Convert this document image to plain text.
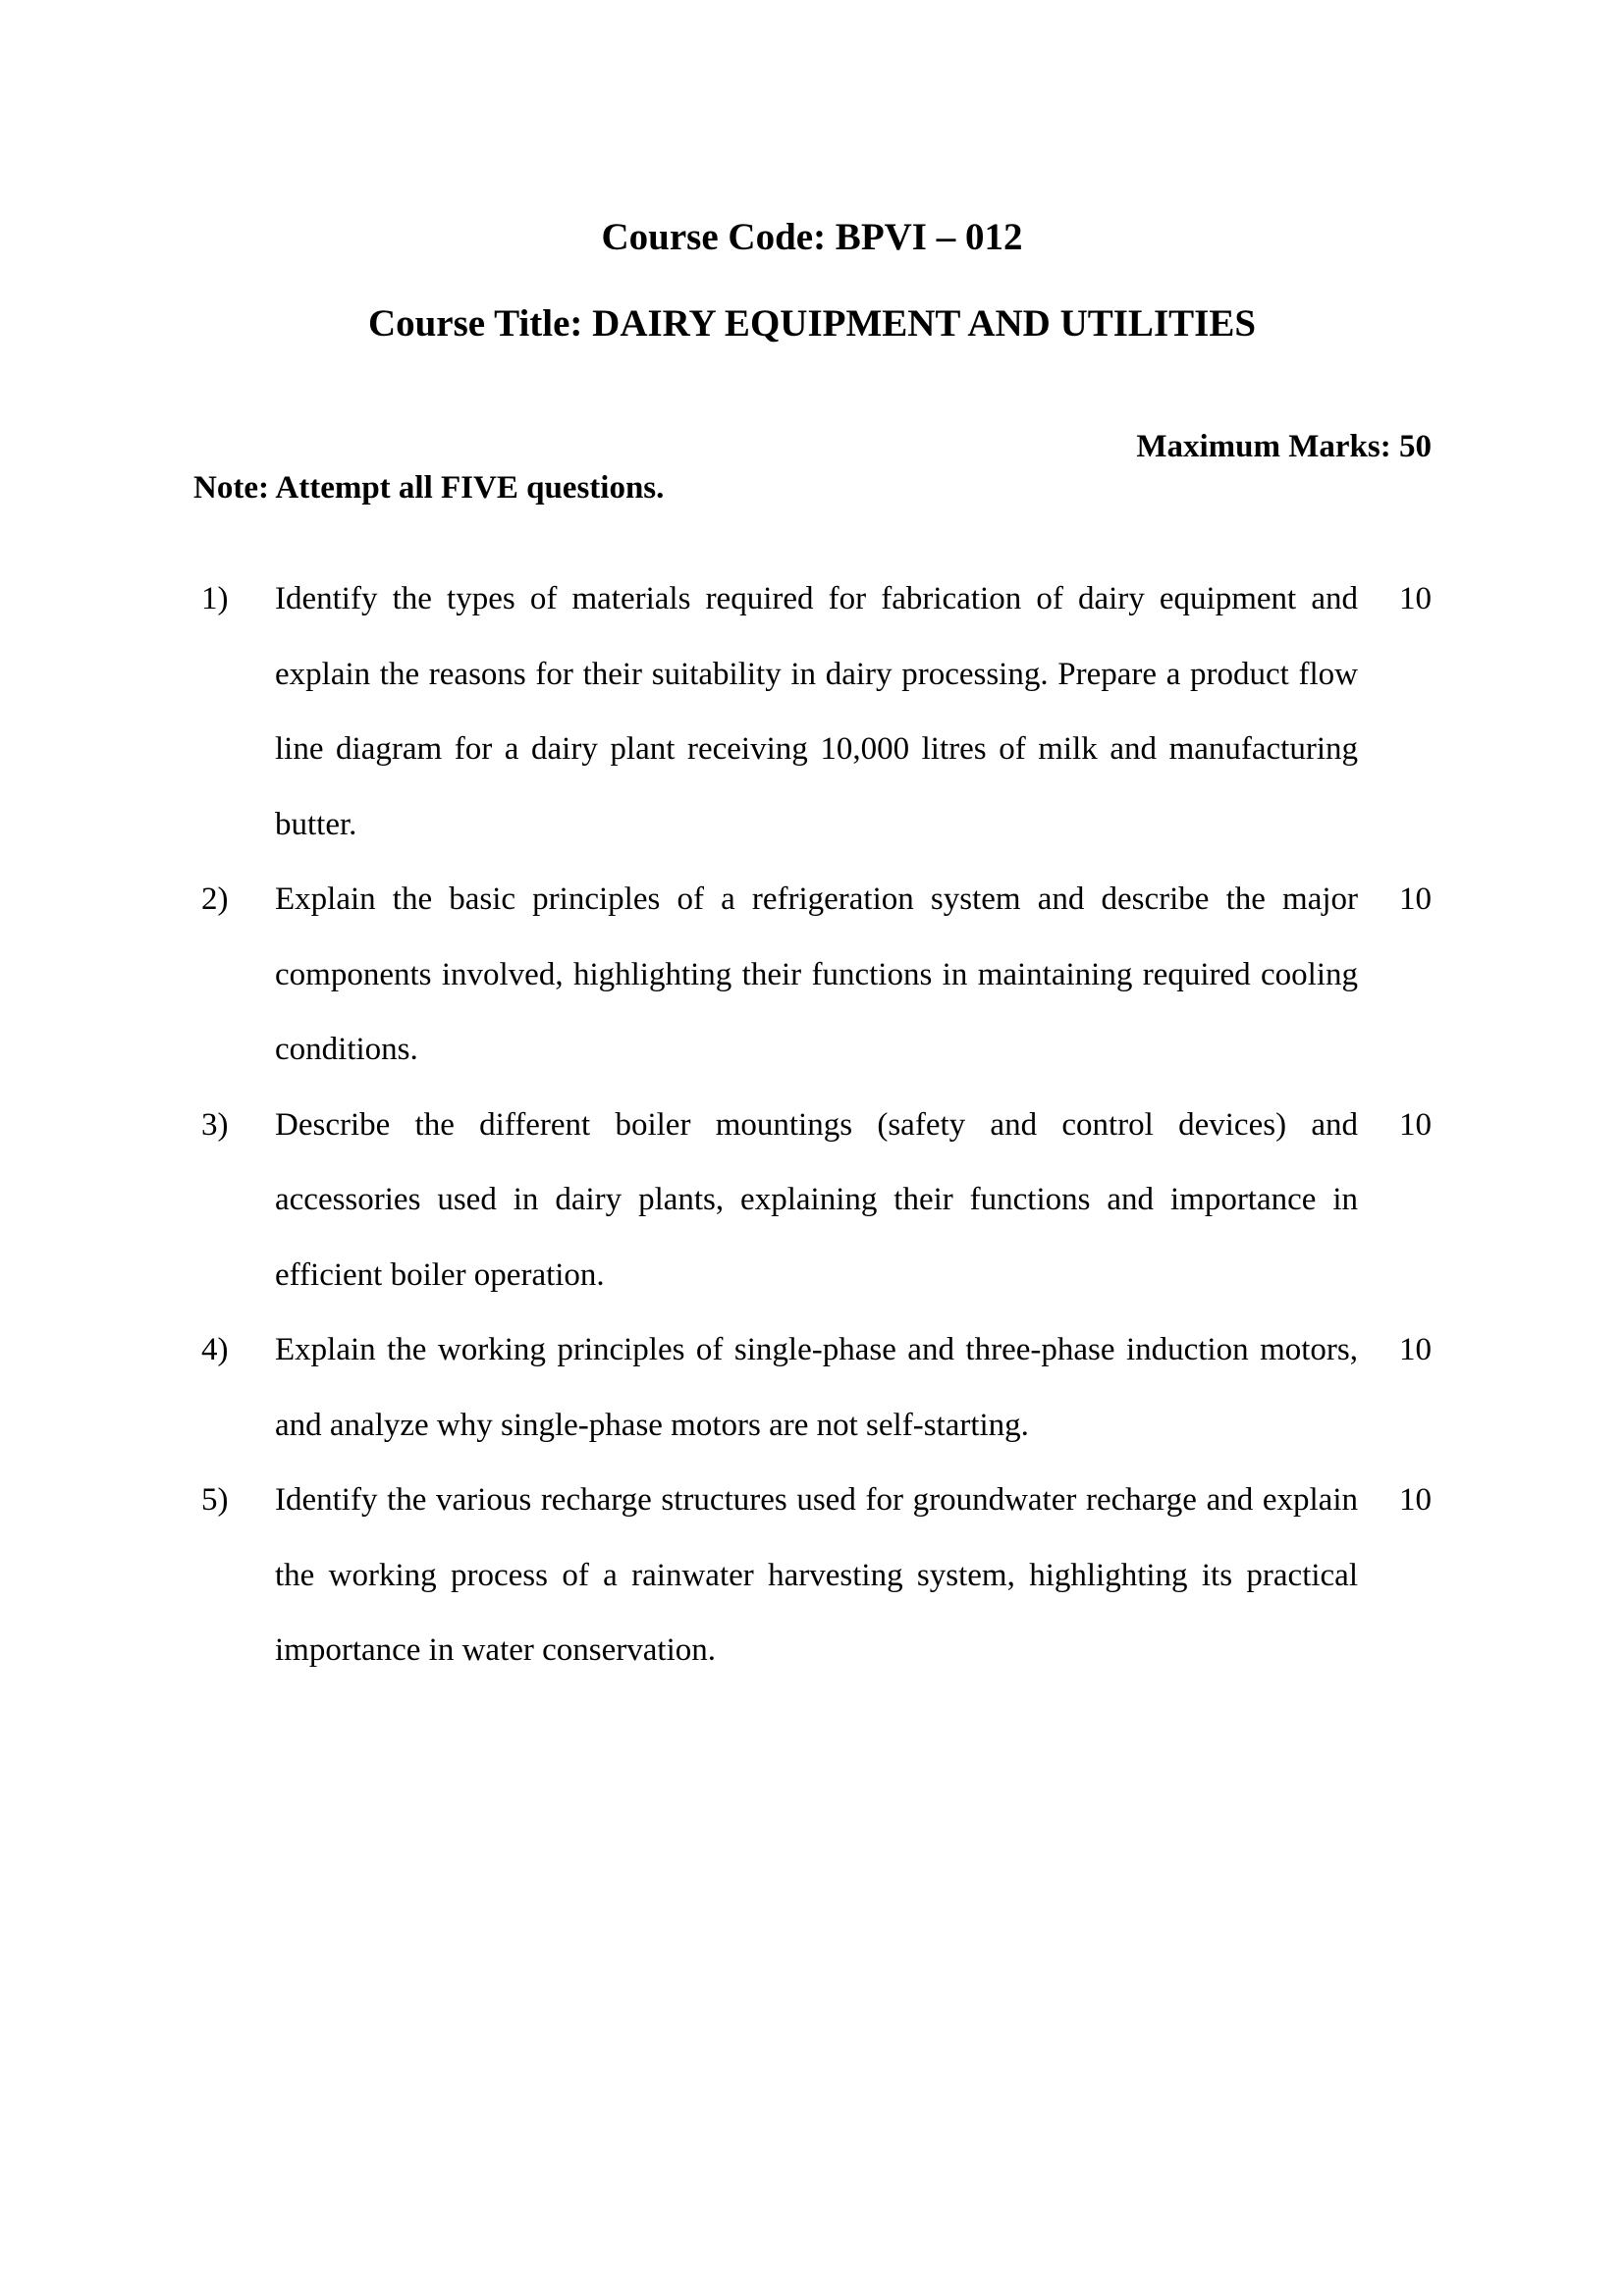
Course Code: BPVI – 012
Course Title: DAIRY EQUIPMENT AND UTILITIES
Maximum Marks: 50
Note: Attempt all FIVE questions.
1)	Identify the types of materials required for fabrication of dairy equipment and explain the reasons for their suitability in dairy processing. Prepare a product flow line diagram for a dairy plant receiving 10,000 litres of milk and manufacturing butter.
10
2)	Explain the basic principles of a refrigeration system and describe the major components involved, highlighting their functions in maintaining required cooling conditions.
10
3)	Describe the different boiler mountings (safety and control devices) and accessories used in dairy plants, explaining their functions and importance in efficient boiler operation.
10
4)	Explain the working principles of single-phase and three-phase induction motors, and analyze why single-phase motors are not self-starting.
10
5)	Identify the various recharge structures used for groundwater recharge and explain the working process of a rainwater harvesting system, highlighting its practical importance in water conservation.
10
